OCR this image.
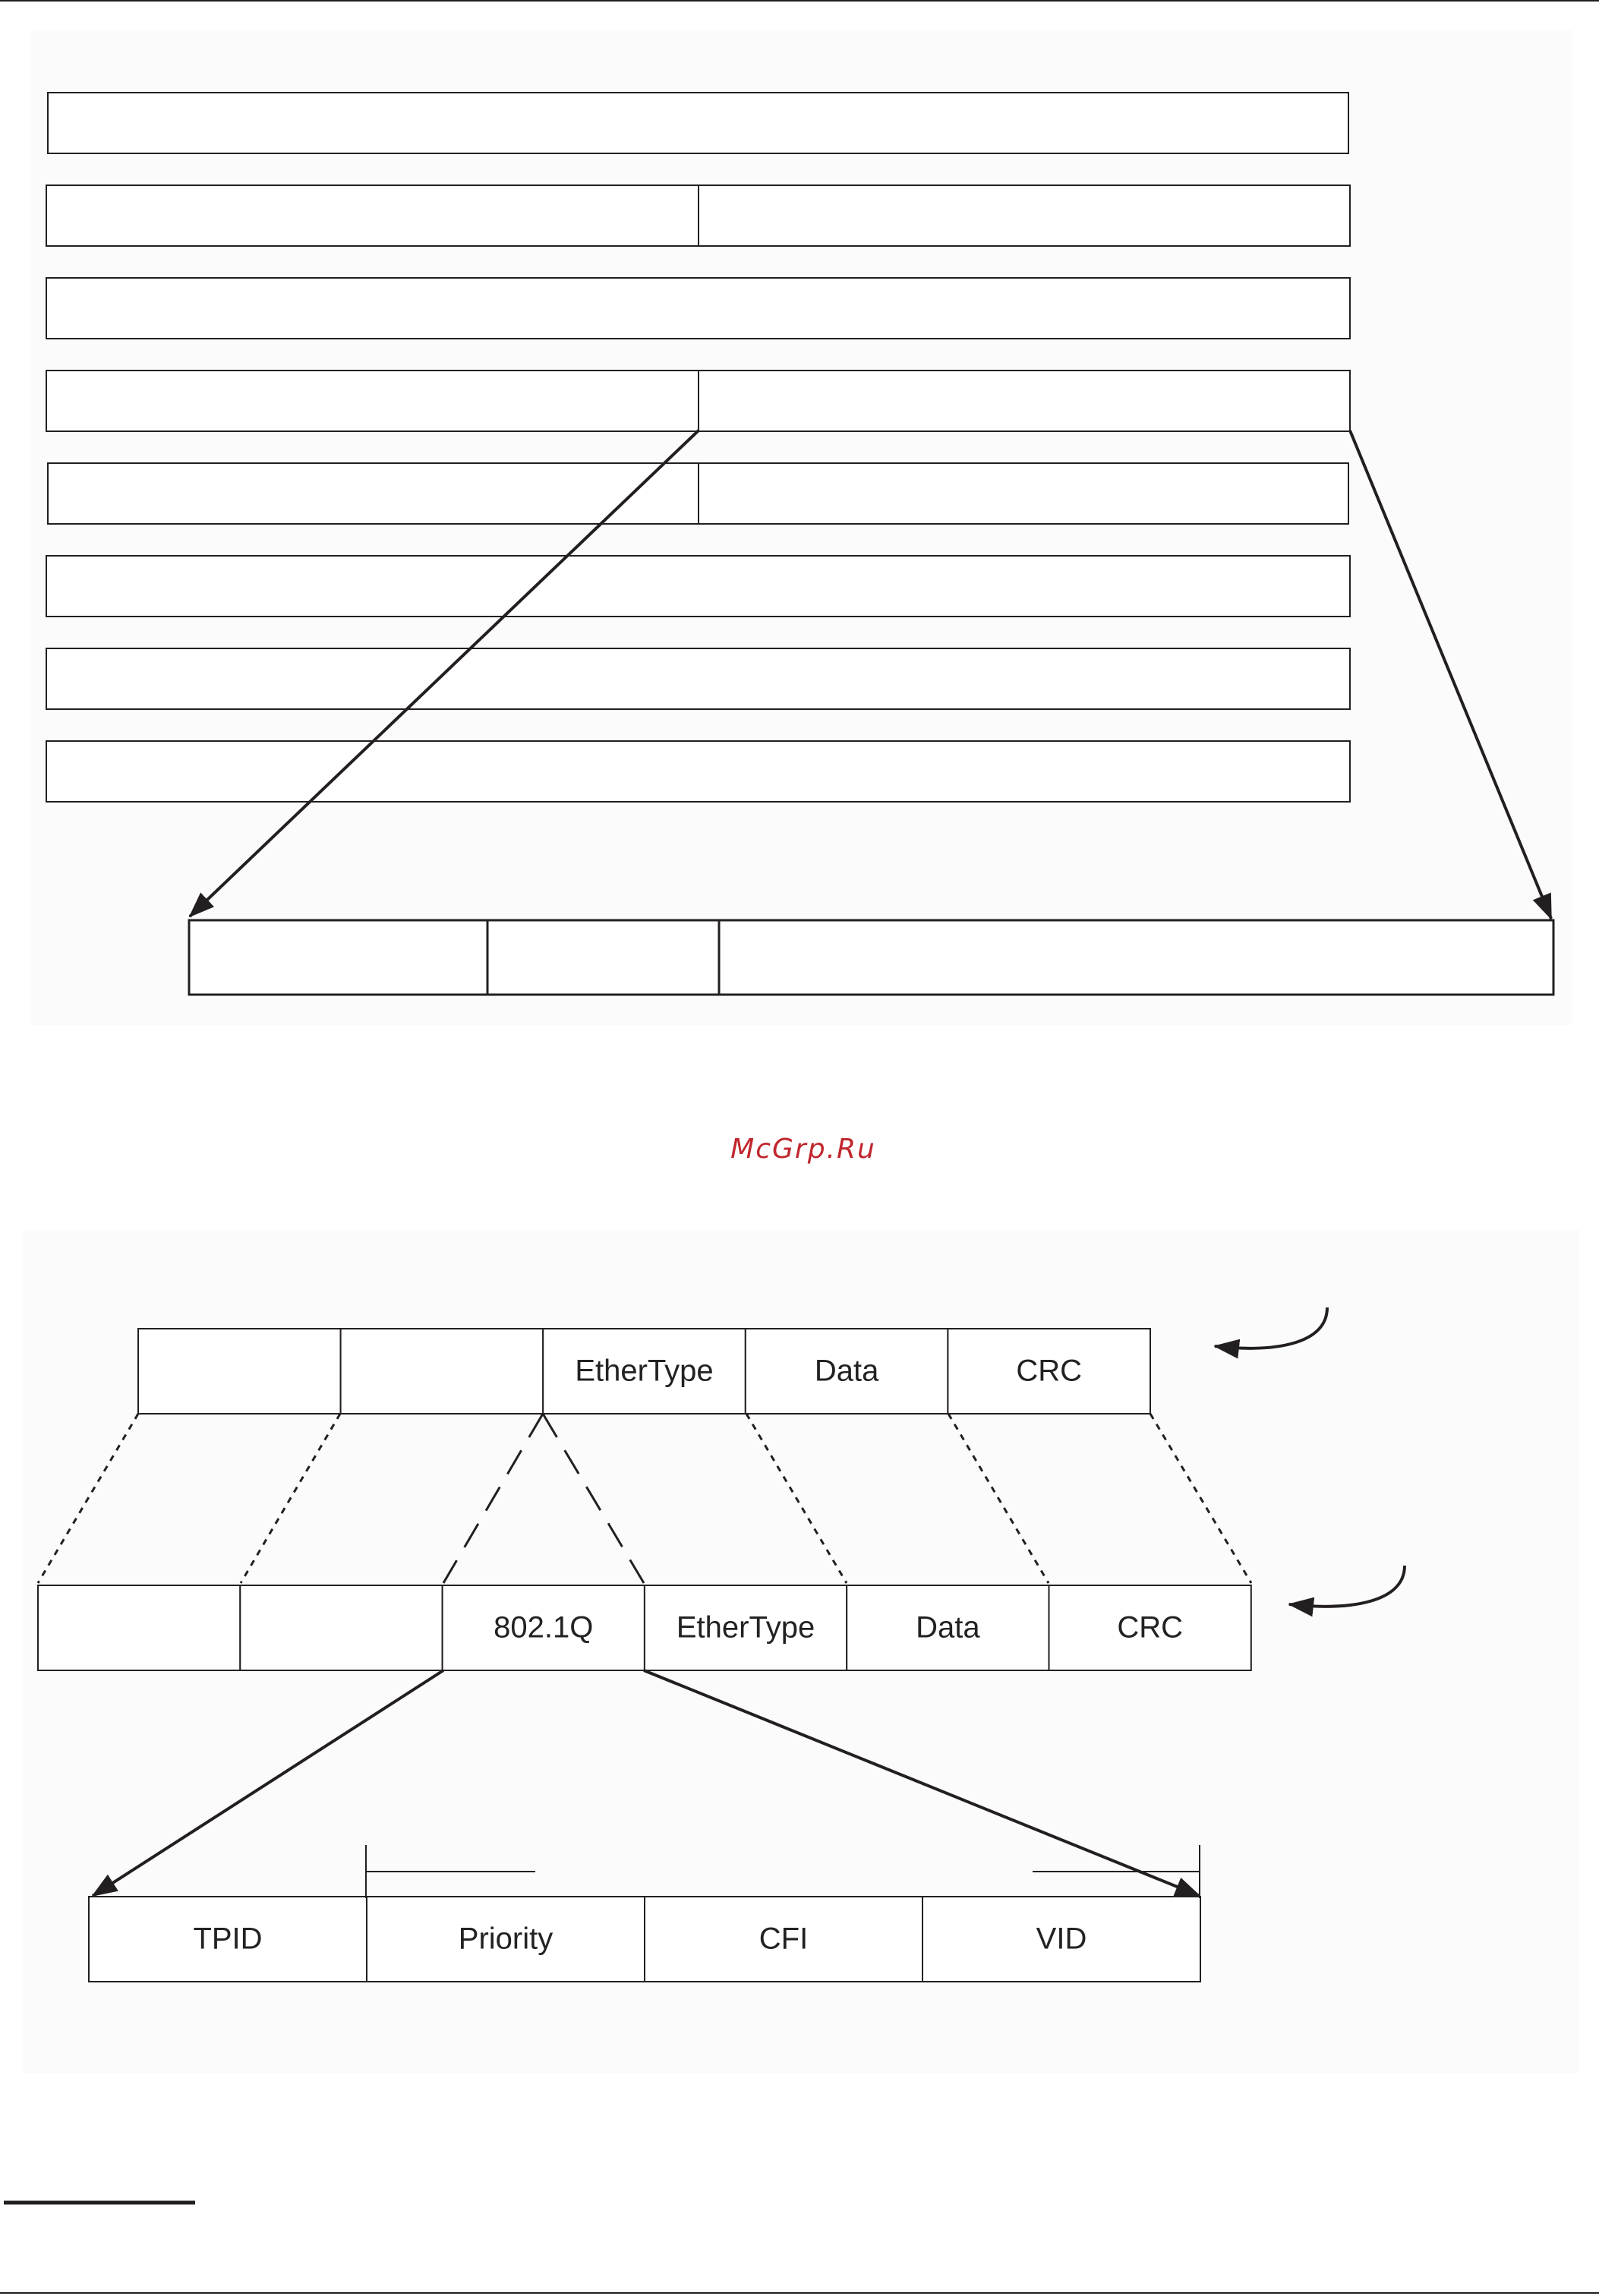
McGrp.Ru
EtherType	Data	CRC
802.1Q	EtherType	Data	CRC
TPID	Priority	CFI	VID
